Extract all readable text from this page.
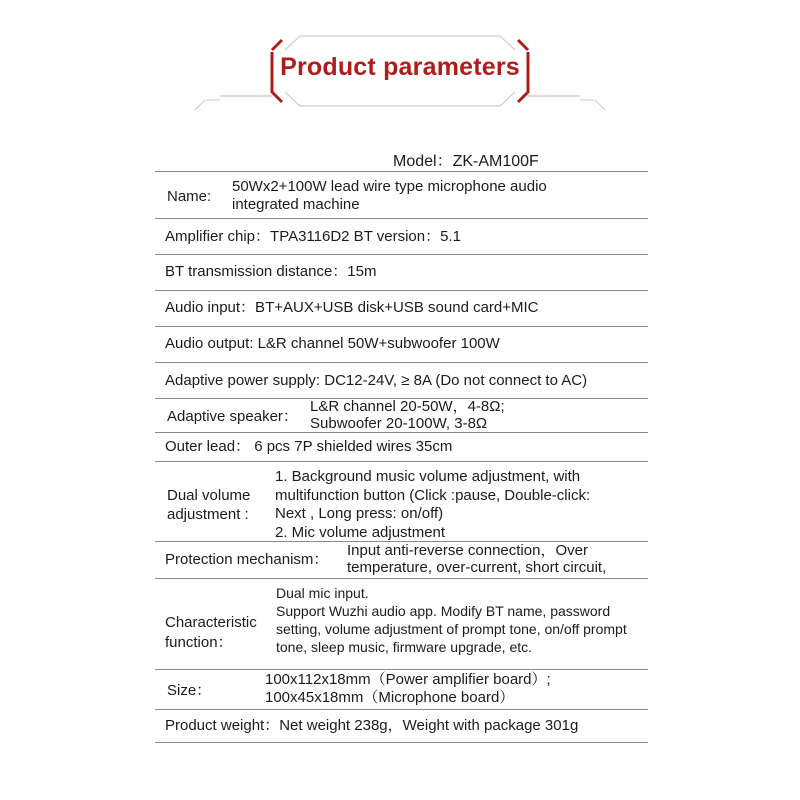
Product parameters
Model：ZK-AM100F
Name:
50Wx2+100W lead wire type microphone audio
integrated machine
Amplifier chip：TPA3116D2 BT version：5.1
BT transmission distance：15m
Audio input：BT+AUX+USB disk+USB sound card+MIC
Audio output: L&R channel 50W+subwoofer 100W
Adaptive power supply: DC12-24V, ≥ 8A (Do not connect to AC)
Adaptive speaker：
L&R channel 20-50W，4-8Ω;
Subwoofer 20-100W, 3-8Ω
Outer lead： 6 pcs 7P shielded wires 35cm
Dual volume
adjustment :
1. Background music volume adjustment, with
multifunction button (Click :pause, Double-click:
Next , Long press: on/off)
2. Mic volume adjustment
Protection mechanism：
Input anti-reverse connection，Over
temperature, over-current, short circuit,
Characteristic
function：
Dual mic input.
Support Wuzhi audio app. Modify BT name, password
setting, volume adjustment of prompt tone, on/off prompt
tone, sleep music, firmware upgrade, etc.
Size：
100x112x18mm（Power amplifier board）;
100x45x18mm（Microphone board）
Product weight：Net weight 238g，Weight with package 301g
